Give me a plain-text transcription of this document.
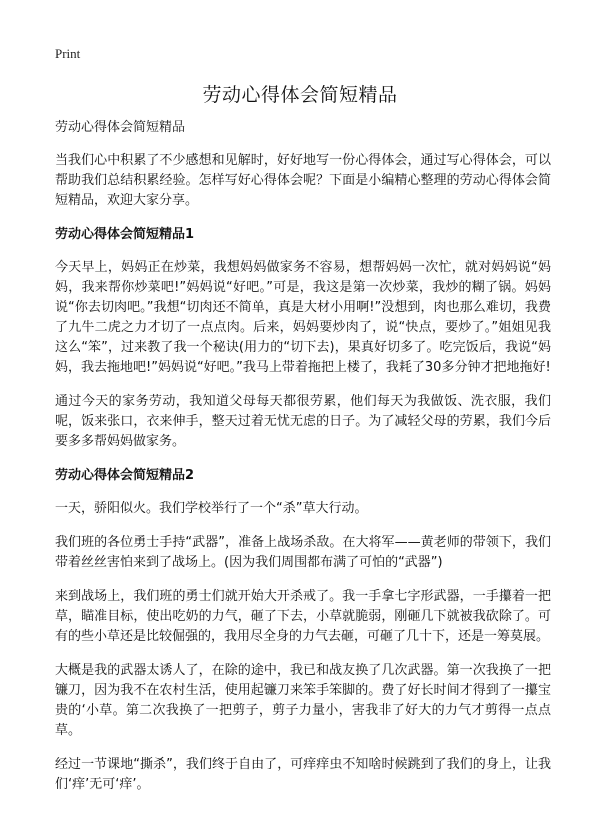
Print
劳动心得体会简短精品

劳动心得体会简短精品

当我们心中积累了不少感想和见解时，好好地写一份心得体会，通过写心得体会，可以帮助我们总结积累经验。怎样写好心得体会呢？下面是小编精心整理的劳动心得体会简短精品，欢迎大家分享。

劳动心得体会简短精品1

今天早上，妈妈正在炒菜，我想妈妈做家务不容易，想帮妈妈一次忙，就对妈妈说“妈妈，我来帮你炒菜吧!”妈妈说“好吧。”可是，我这是第一次炒菜，我炒的糊了锅。妈妈说“你去切肉吧。”我想“切肉还不简单，真是大材小用啊!”没想到，肉也那么难切，我费了九牛二虎之力才切了一点点肉。后来，妈妈要炒肉了，说“快点，要炒了。”姐姐见我这么“笨”，过来教了我一个秘诀(用力的“切下去)，果真好切多了。吃完饭后，我说“妈妈，我去拖地吧!”妈妈说“好吧。”我马上带着拖把上楼了，我耗了30多分钟才把地拖好!

通过今天的家务劳动，我知道父母每天都很劳累，他们每天为我做饭、洗衣服，我们呢，饭来张口，衣来伸手，整天过着无忧无虑的日子。为了减轻父母的劳累，我们今后要多多帮妈妈做家务。

劳动心得体会简短精品2

一天，骄阳似火。我们学校举行了一个“杀”草大行动。

我们班的各位勇士手持“武器”，准备上战场杀敌。在大将军——黄老师的带领下，我们带着丝丝害怕来到了战场上。(因为我们周围都布满了可怕的“武器”)

来到战场上，我们班的勇士们就开始大开杀戒了。我一手拿七字形武器，一手攥着一把草，瞄准目标，使出吃奶的力气，砸了下去，小草就脆弱，刚砸几下就被我砍除了。可有的些小草还是比较倔强的，我用尽全身的力气去砸，可砸了几十下，还是一筹莫展。

大概是我的武器太诱人了，在除的途中，我已和战友换了几次武器。第一次我换了一把镰刀，因为我不在农村生活，使用起镰刀来笨手笨脚的。费了好长时间才得到了一攥宝贵的‘小草。第二次我换了一把剪子，剪子力量小，害我非了好大的力气才剪得一点点草。

经过一节课地“撕杀”，我们终于自由了，可痒痒虫不知啥时候跳到了我们的身上，让我们‘痒’无可‘痒’。
